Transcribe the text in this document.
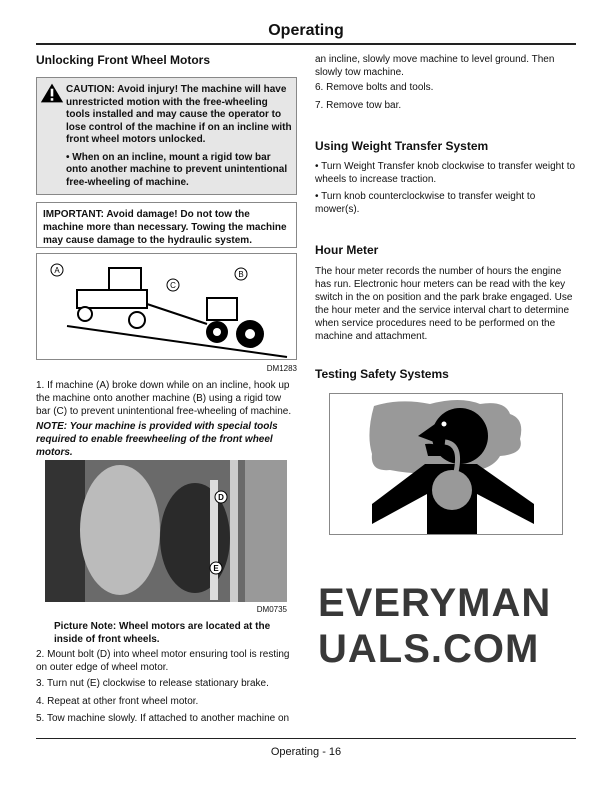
Operating
Unlocking Front Wheel Motors

CAUTION: Avoid injury! The machine will have unrestricted motion with the free-wheeling tools installed and may cause the operator to lose control of the machine if on an incline with front wheel motors unlocked.

• When on an incline, mount a rigid tow bar onto another machine to prevent unintentional free-wheeling of machine.

IMPORTANT: Avoid damage! Do not tow the machine more than necessary. Towing the machine may cause damage to the hydraulic system.

A	B
C
DM1283

1. If machine (A) broke down while on an incline, hook up the machine onto another machine (B) using a rigid tow bar (C) to prevent unintentional free-wheeling of machine.

NOTE: Your machine is provided with special tools required to enable freewheeling of the front wheel motors.

D
E
DM0735

Picture Note: Wheel motors are located at the inside of front wheels.

2. Mount bolt (D) into wheel motor ensuring tool is resting on outer edge of wheel motor.

3. Turn nut (E) clockwise to release stationary brake.

4. Repeat at other front wheel motor.

5. Tow machine slowly. If attached to another machine on

an incline, slowly move machine to level ground. Then slowly tow machine.

6. Remove bolts and tools.

7. Remove tow bar.

Using Weight Transfer System

• Turn Weight Transfer knob clockwise to transfer weight to wheels to increase traction.

• Turn knob counterclockwise to transfer weight to mower(s).

Hour Meter

The hour meter records the number of hours the engine has run. Electronic hour meters can be read with the key switch in the on position and the park brake engaged. Use the hour meter and the service interval chart to determine when service procedures need to be performed on the machine and attachment.

Testing Safety Systems
EVERYMANUALS.COM
Operating - 16
